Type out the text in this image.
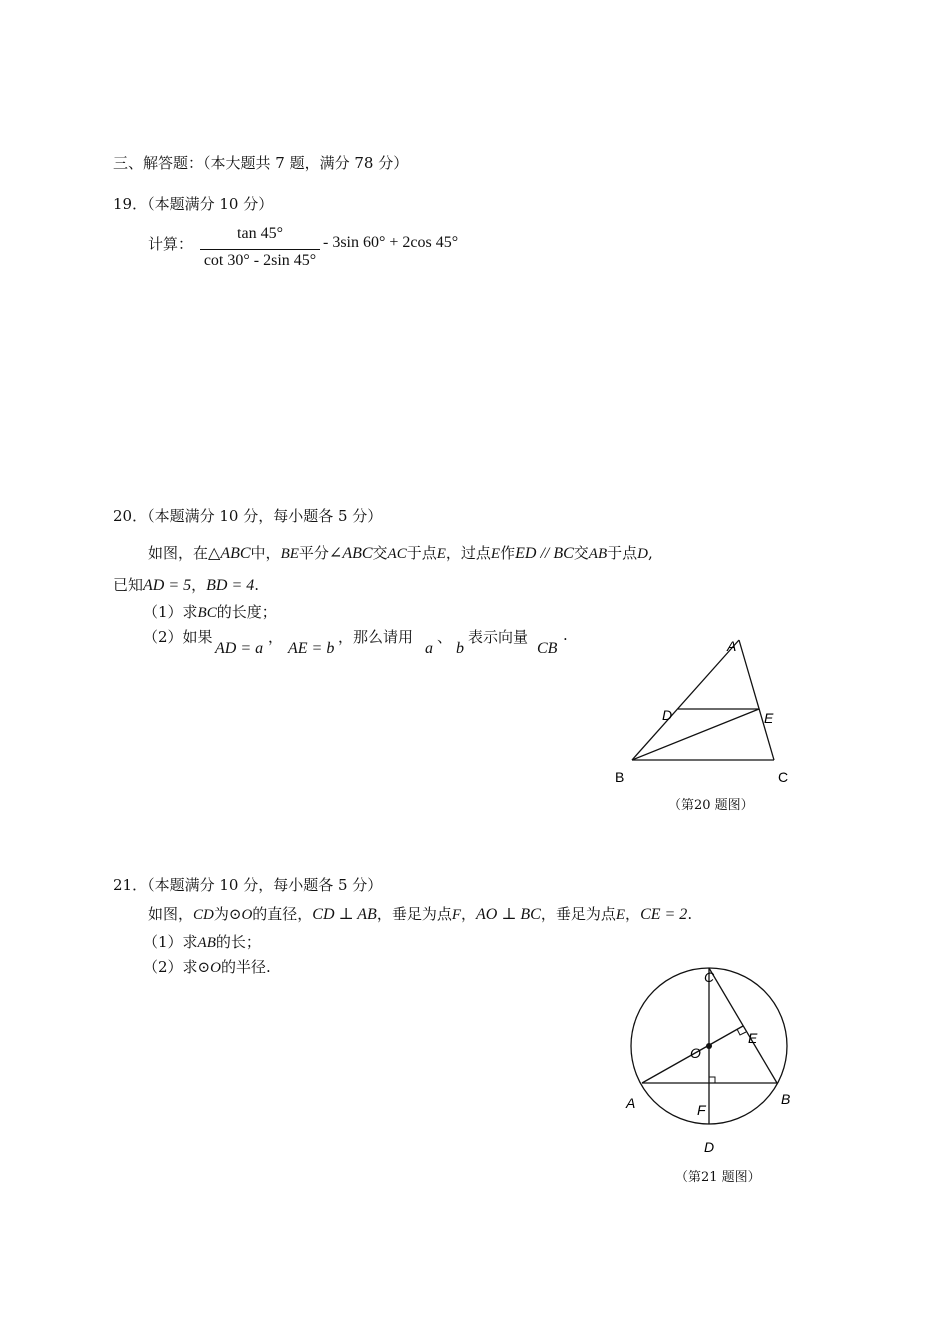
三、解答题：（本大题共 7 题，满分 78 分）
19．（本题满分 10 分）
计算：
tan 45°
cot 30° - 2sin 45°
- 3sin 60° + 2cos 45°
20．（本题满分 10 分，每小题各 5 分）
如图，在△ABC中，BE平分∠ABC交AC于点E，过点E作ED // BC交AB于点D,
已知AD = 5，BD = 4.
（1）求BC的长度；
（2）如果
AD = a
，
AE = b
，那么请用
a
、
b
表示向量
CB
.
A
D	E
B	C
（第20 题图）
21．（本题满分 10 分，每小题各 5 分）
如图，CD为⊙O的直径，CD ⊥ AB，垂足为点F，AO ⊥ BC，垂足为点E，CE = 2.
（1）求AB的长；
（2）求⊙O的半径.
C
E
O
A	B
F
D
（第21 题图）
